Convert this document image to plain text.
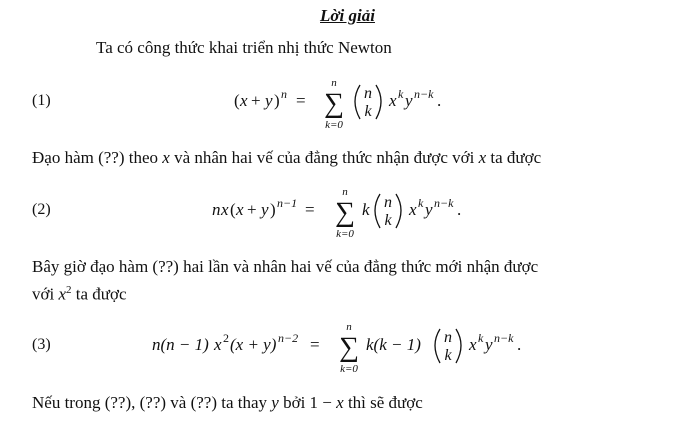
Lời giải
Ta có công thức khai triển nhị thức Newton
(1)	( x + y ) n =
n
∑
k=0
n
k
x k y n−k .
Đạo hàm (??) theo x và nhân hai vế của đẳng thức nhận được với x ta được
(2)	n x ( x + y ) n−1 =
n
∑
k=0
k n
k
x k y n−k .
Bây giờ đạo hàm (??) hai lần và nhân hai vế của đẳng thức mới nhận được
với $x^2$ ta được
(3)	n(n − 1) x 2 (x + y) n−2 =
n
∑
k=0
k(k − 1) n
k
x k y n−k .
Nếu trong (??), (??) và (??) ta thay y bởi 1 − x thì sẽ được
